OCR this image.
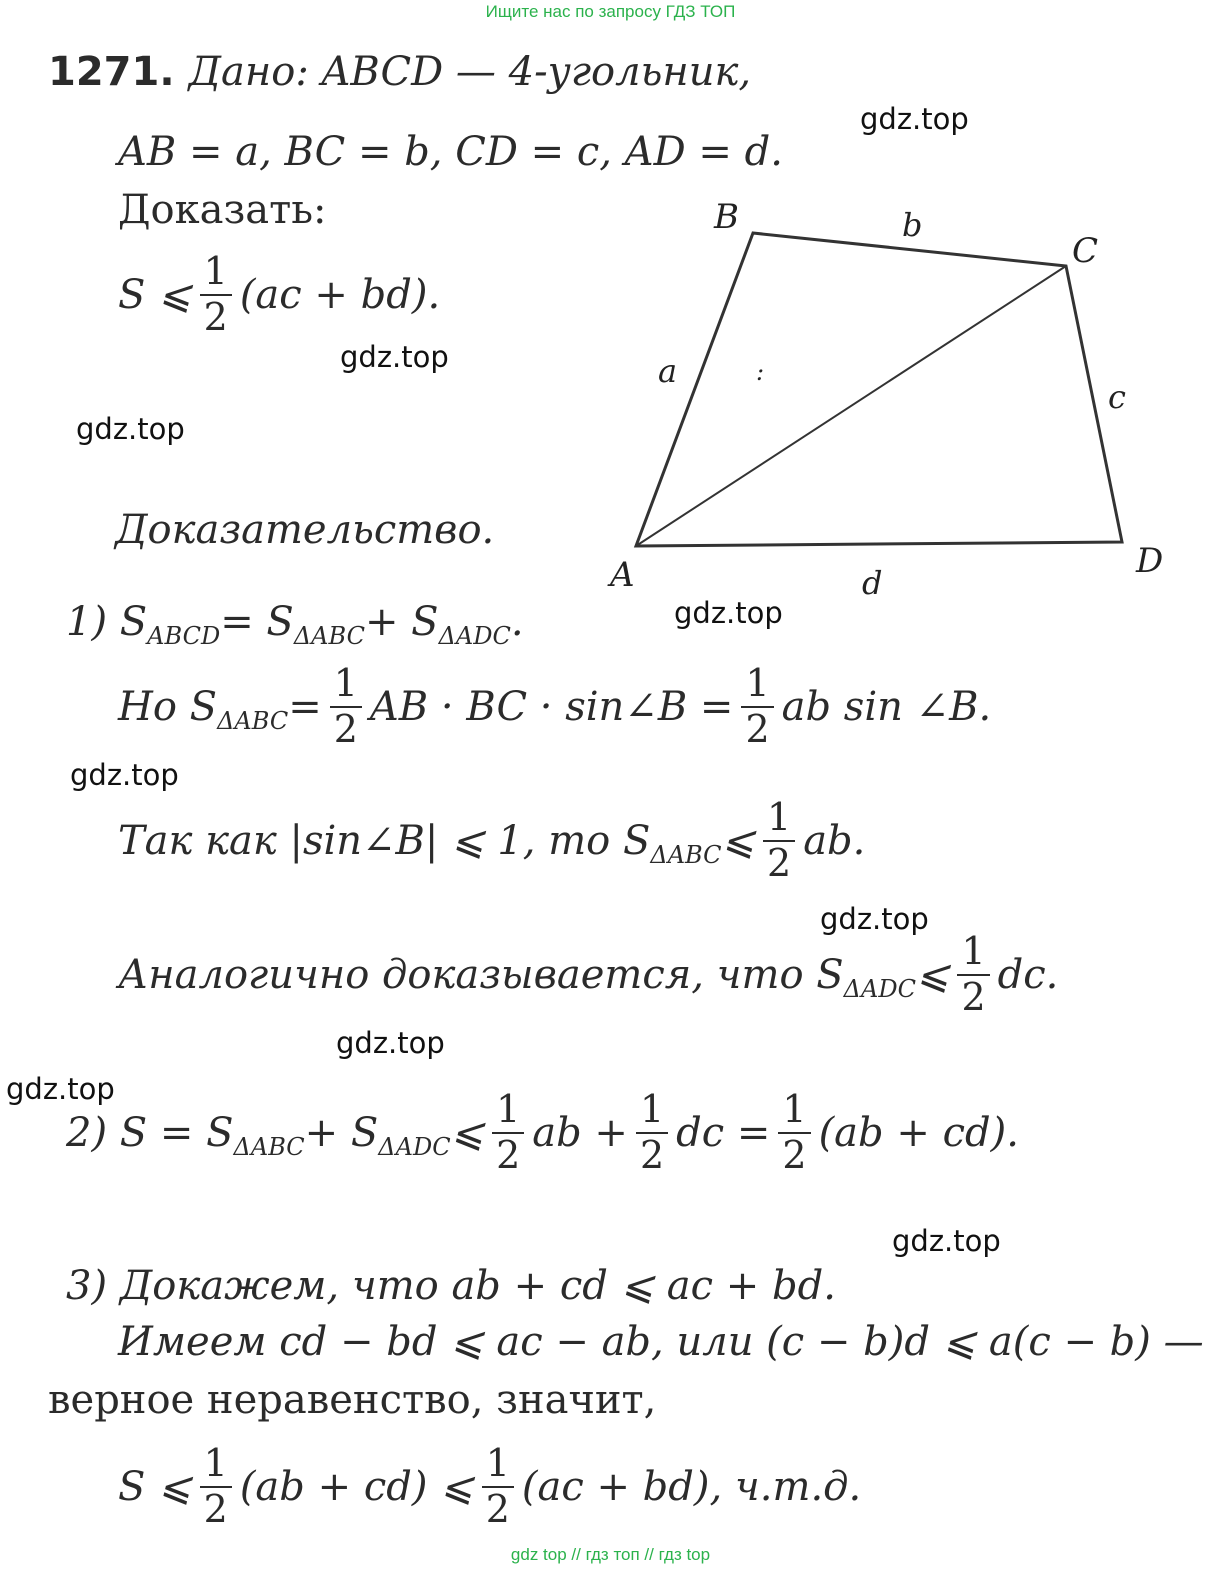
Ищите нас по запросу ГДЗ ТОП
gdz top // гдз топ // гдз top
1271. Дано: ABCD — 4-угольник,
AB = a, BC = b, CD = c, AD = d.
Доказать:
S ⩽ $\frac{1}{2} (ac + bd)$.
B
C
A	D
b
a
c
d
:
Доказательство.
1) S ABCD = S ΔABC + S ΔADC .
Но S $\Delta ABC = \frac{1}{2}$ AB · BC · sin∠B = $\frac{1}{2}$ ab sin ∠B.
Так как |sin∠B| ⩽ 1, то S ΔABC ⩽ $\frac{1}{2}$ ab.
Аналогично доказывается, что S ΔADC ⩽ $\frac{1}{2}$ dc.
2) S = S ΔABC + S ΔADC ⩽ $\frac{1}{2}$ ab + $\frac{1}{2}$ dc = $\frac{1}{2} (ab + cd)$.
3) Докажем, что ab + cd ⩽ ac + bd.
Имеем cd − bd ⩽ ac − ab, или (c − b)d ⩽ a(c − b) —
верное неравенство, значит,
S ⩽ $\frac{1}{2} (ab + cd)$ ⩽ $\frac{1}{2} (ac + bd)$, ч.т.д.
gdz.top
gdz.top
gdz.top
gdz.top
gdz.top
gdz.top
gdz.top
gdz.top
gdz.top
